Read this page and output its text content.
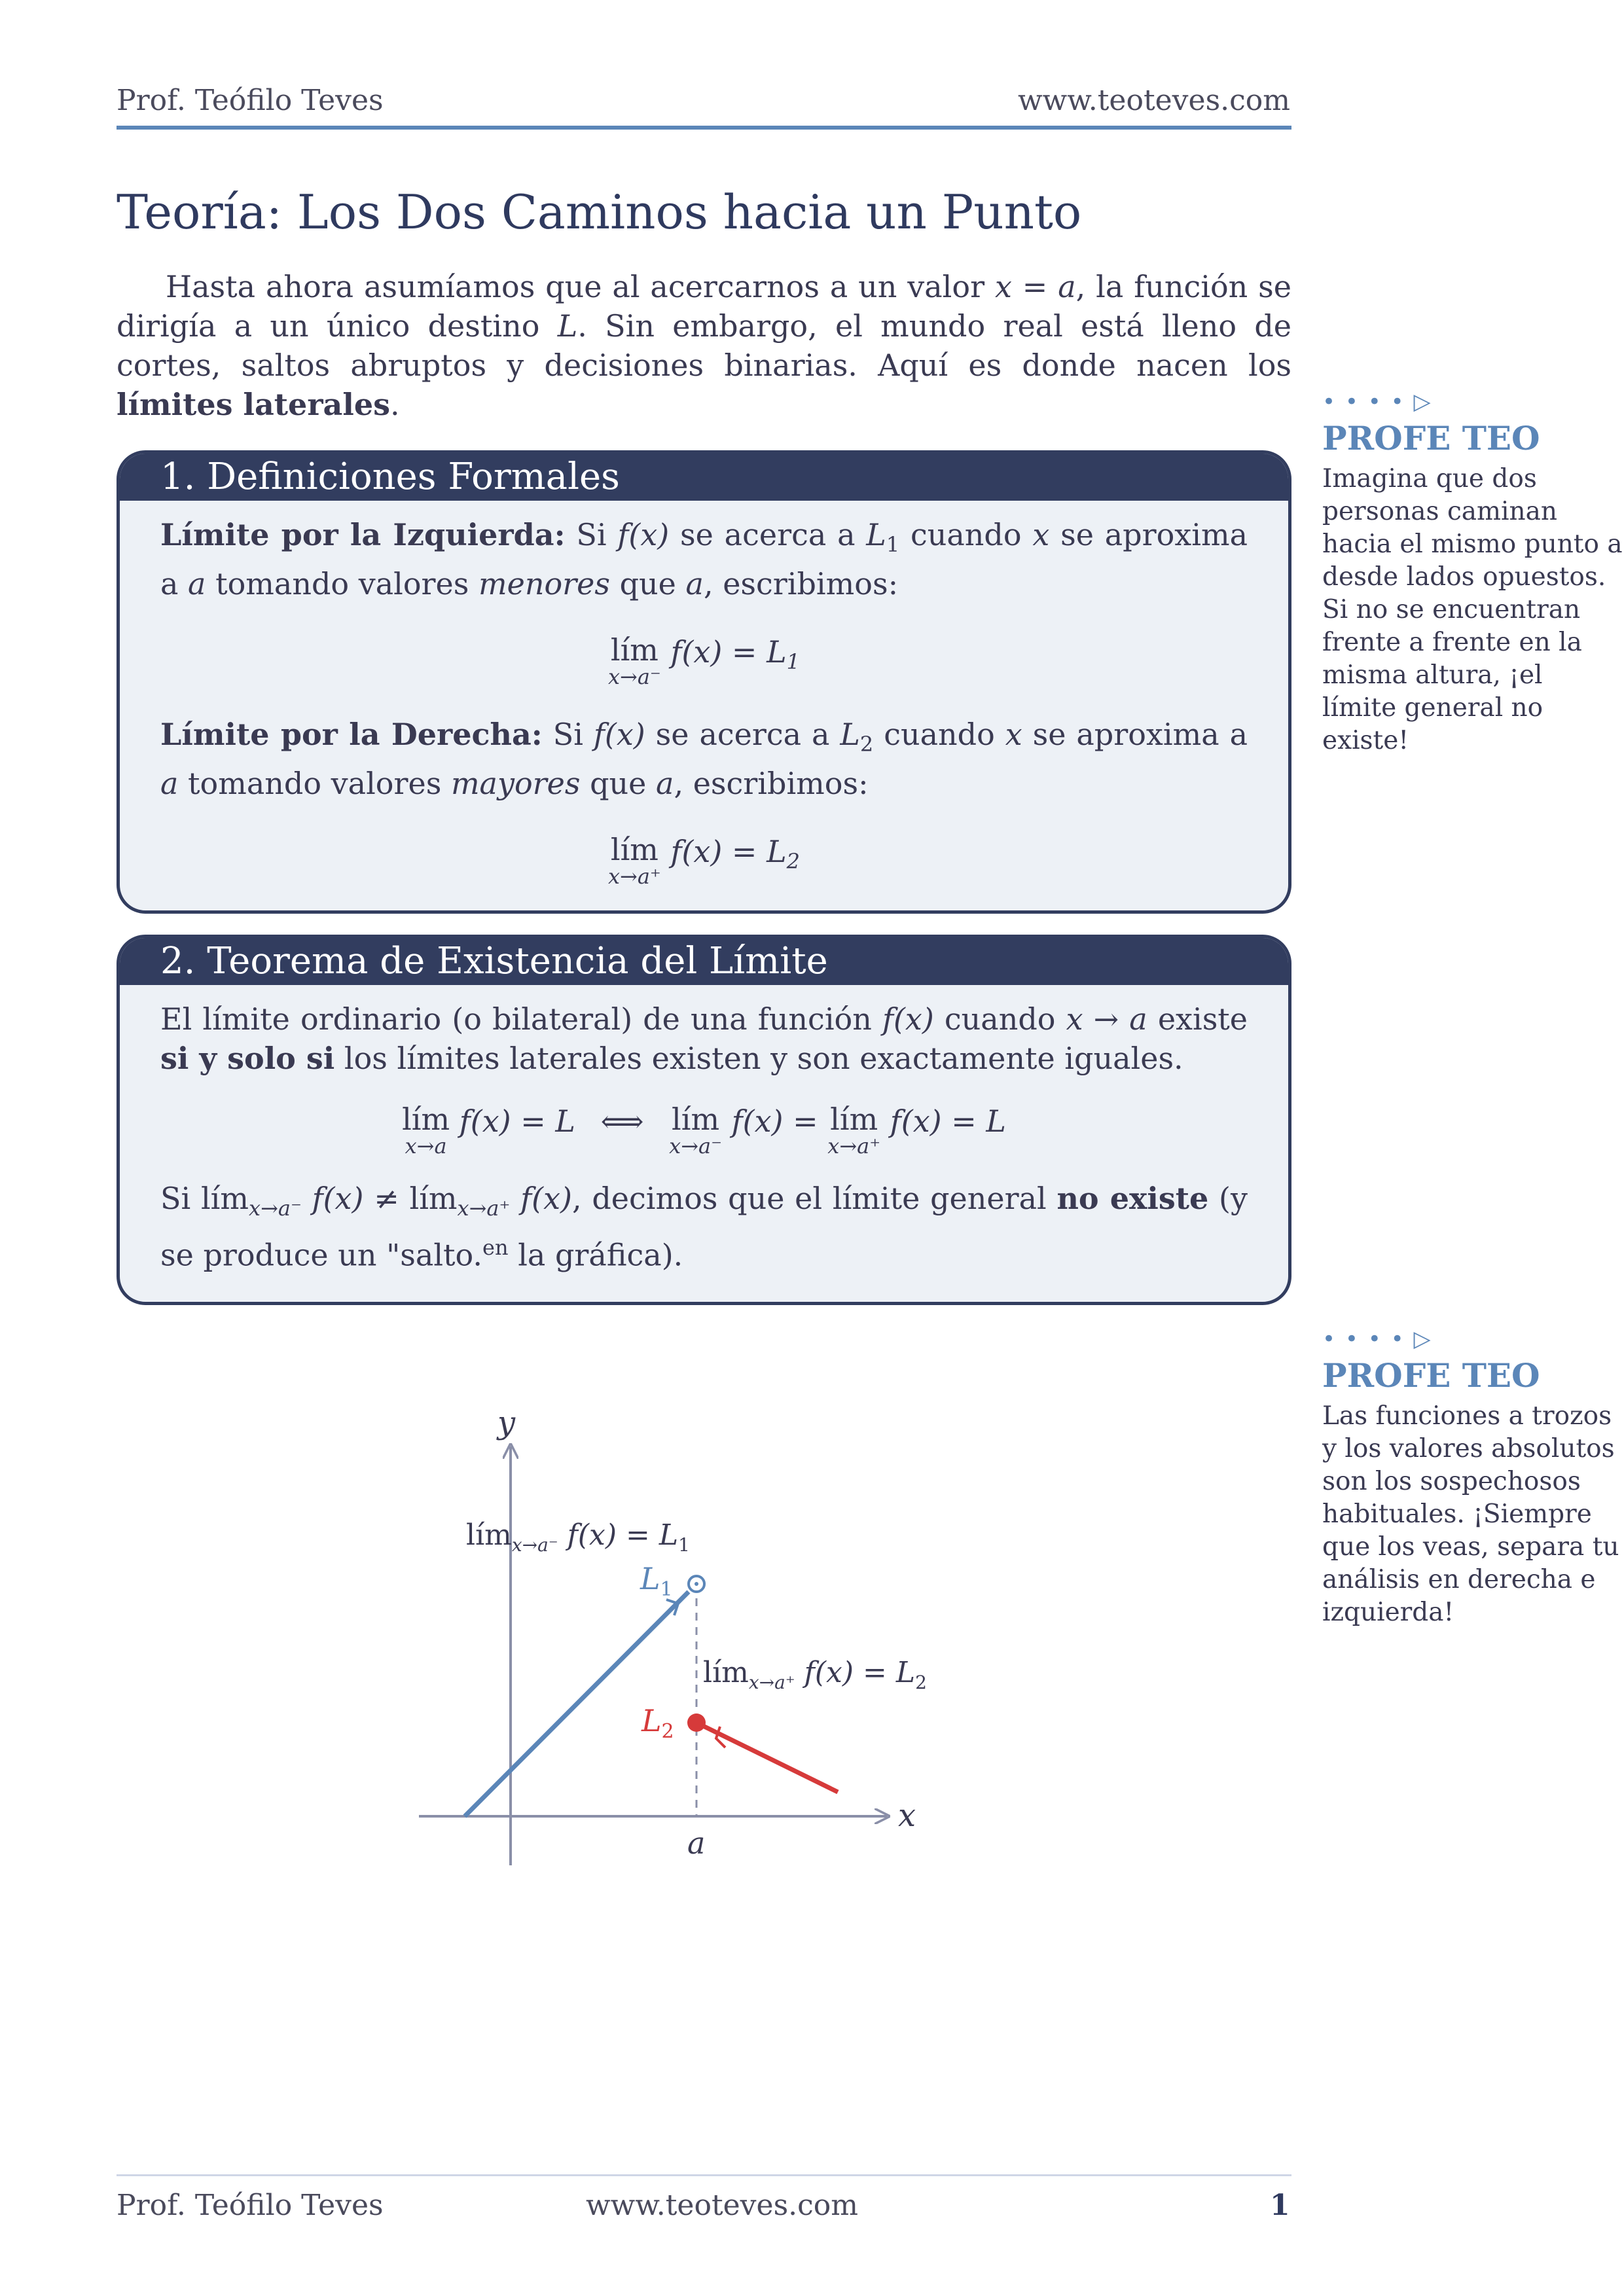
Prof. Teófilo Teves	www.teoteves.com
Teoría: Los Dos Caminos hacia un Punto

Hasta ahora asumíamos que al acercarnos a un valor x = a, la función se dirigía a un único destino L. Sin embargo, el mundo real está lleno de cortes, saltos abruptos y decisiones binarias. Aquí es donde nacen los límites laterales.

1. Definiciones Formales

Límite por la Izquierda: Si f(x) se acerca a $L_1$ cuando x se aproxima a a tomando valores menores que a, escribimos:

lím
x→a⁻
$f(x) = L_1$

Límite por la Derecha: Si f(x) se acerca a $L_2$ cuando x se aproxima a a tomando valores mayores que a, escribimos:

lím
x→a⁺
$f(x) = L_2$
2. Teorema de Existencia del Límite

El límite ordinario (o bilateral) de una función f(x) cuando x → a existe si y solo si los límites laterales existen y son exactamente iguales.

lím
x→a
f(x) = L ⟺ lím
x→a⁻
f(x) = lím
x→a⁺
f(x) = L

Si lím$_{x\to a^-}$ f(x) ≠ lím$_{x\to a^+}$ f(x), decimos que el límite general no existe (y se produce un "salto.$^{en}$ la gráfica).

• • • • ▷
PROFE TEO
Imagina que dos personas caminan hacia el mismo punto a desde lados opuestos. Si no se encuentran frente a frente en la misma altura, ¡el límite general no existe!
• • • • ▷
PROFE TEO
Las funciones a trozos y los valores absolutos son los sospechosos habituales. ¡Siempre que los veas, separa tu análisis en derecha e izquierda!
x
y
a
$L_1$
$L_2$
lím$_{x\to a^-}$ $f(x) = L_1$
lím$_{x\to a^+}$ $f(x) = L_2$
Prof. Teófilo Teves	www.teoteves.com	1
